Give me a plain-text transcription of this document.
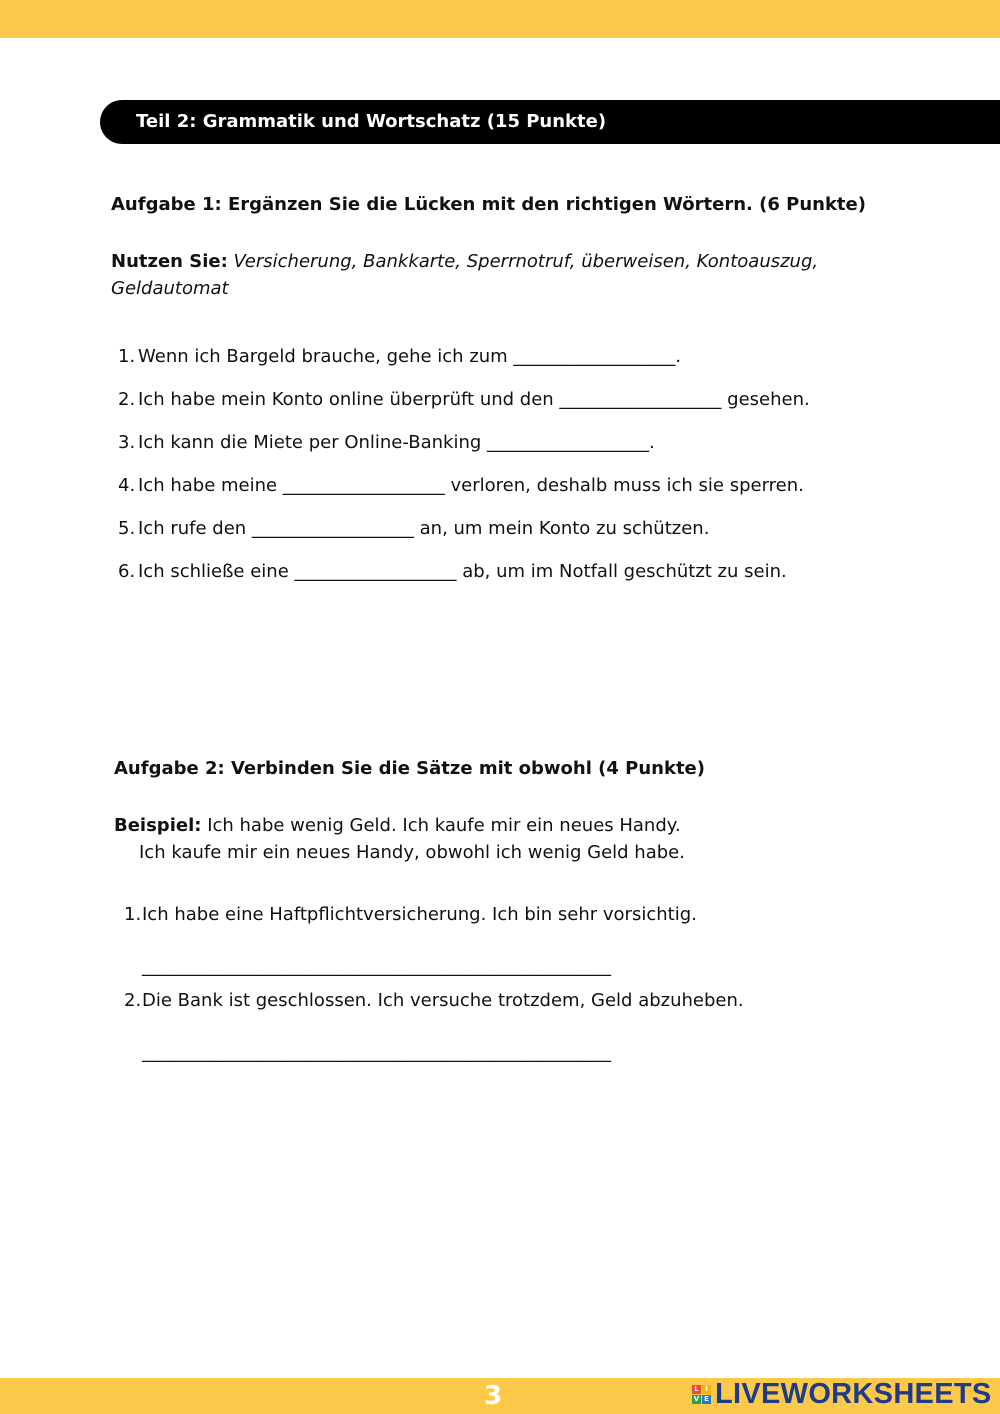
Teil 2: Grammatik und Wortschatz (15 Punkte)
Aufgabe 1: Ergänzen Sie die Lücken mit den richtigen Wörtern. (6 Punkte)
Nutzen Sie: Versicherung, Bankkarte, Sperrnotruf, überweisen, Kontoauszug, Geldautomat
1. Wenn ich Bargeld brauche, gehe ich zum __________________.
2. Ich habe mein Konto online überprüft und den __________________ gesehen.
3. Ich kann die Miete per Online-Banking __________________.
4. Ich habe meine __________________ verloren, deshalb muss ich sie sperren.
5. Ich rufe den __________________ an, um mein Konto zu schützen.
6. Ich schließe eine __________________ ab, um im Notfall geschützt zu sein.
Aufgabe 2: Verbinden Sie die Sätze mit obwohl (4 Punkte)
Beispiel: Ich habe wenig Geld. Ich kaufe mir ein neues Handy.
Ich kaufe mir ein neues Handy, obwohl ich wenig Geld habe.
1. Ich habe eine Haftpflichtversicherung. Ich bin sehr vorsichtig.
___________________________________________________
2. Die Bank ist geschlossen. Ich versuche trotzdem, Geld abzuheben.
___________________________________________________
3	L I
V E LIVEWORKSHEETS
